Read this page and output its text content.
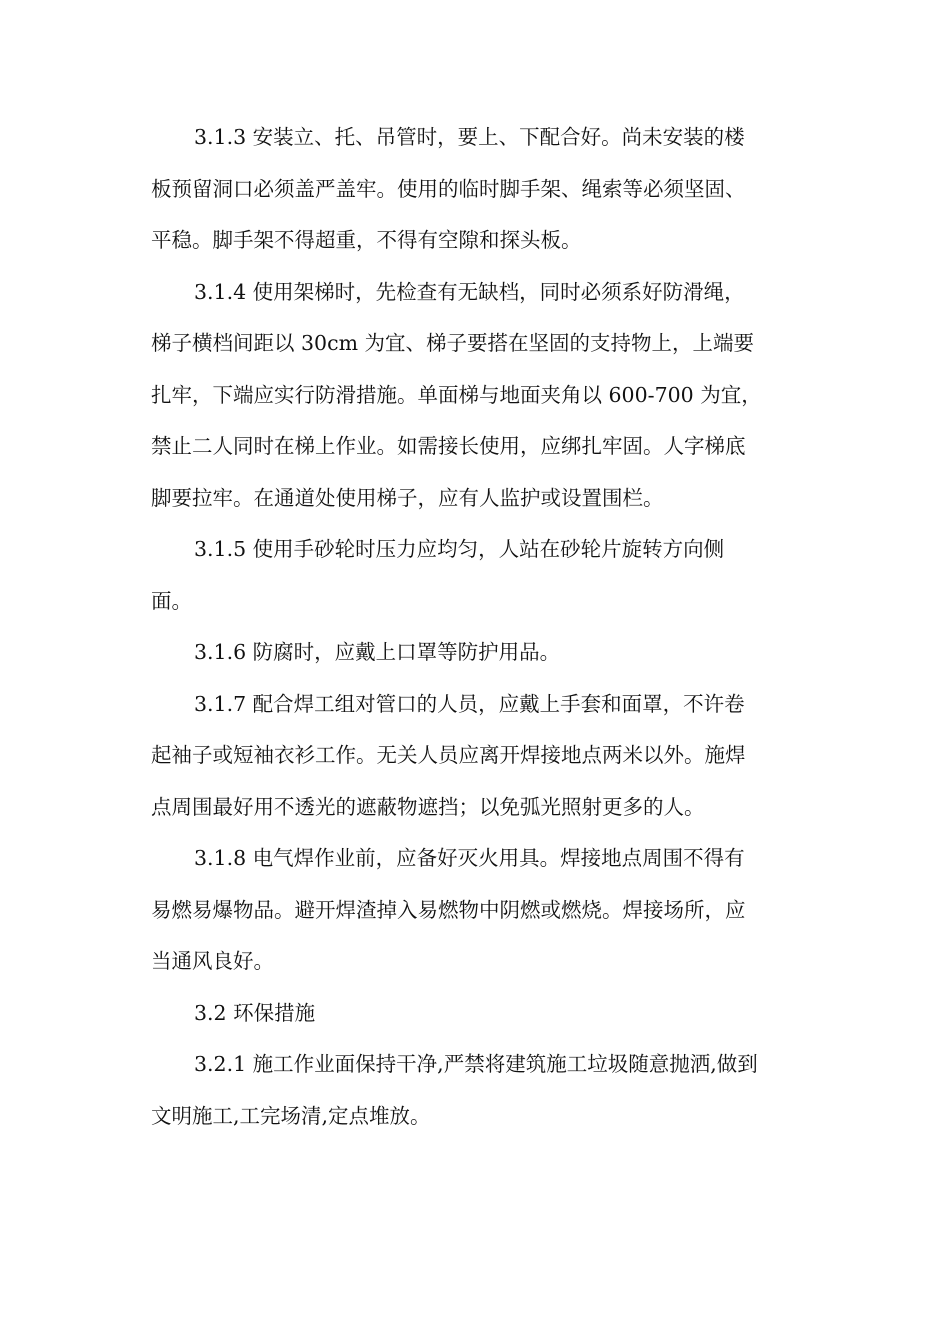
3.1.3 安装立、托、吊管时，要上、下配合好。尚未安装的楼
板预留洞口必须盖严盖牢。使用的临时脚手架、绳索等必须坚固、
平稳。脚手架不得超重，不得有空隙和探头板。

3.1.4 使用架梯时，先检查有无缺档，同时必须系好防滑绳，
梯子横档间距以 30cm 为宜、梯子要搭在坚固的支持物上，上端要
扎牢，下端应实行防滑措施。单面梯与地面夹角以 600-700 为宜，
禁止二人同时在梯上作业。如需接长使用，应绑扎牢固。人字梯底
脚要拉牢。在通道处使用梯子，应有人监护或设置围栏。

3.1.5 使用手砂轮时压力应均匀，人站在砂轮片旋转方向侧
面。

3.1.6 防腐时，应戴上口罩等防护用品。

3.1.7 配合焊工组对管口的人员，应戴上手套和面罩，不许卷
起袖子或短袖衣衫工作。无关人员应离开焊接地点两米以外。施焊
点周围最好用不透光的遮蔽物遮挡；以免弧光照射更多的人。

3.1.8 电气焊作业前，应备好灭火用具。焊接地点周围不得有
易燃易爆物品。避开焊渣掉入易燃物中阴燃或燃烧。焊接场所，应
当通风良好。

3.2 环保措施

3.2.1 施工作业面保持干净,严禁将建筑施工垃圾随意抛洒,做到
文明施工,工完场清,定点堆放。
